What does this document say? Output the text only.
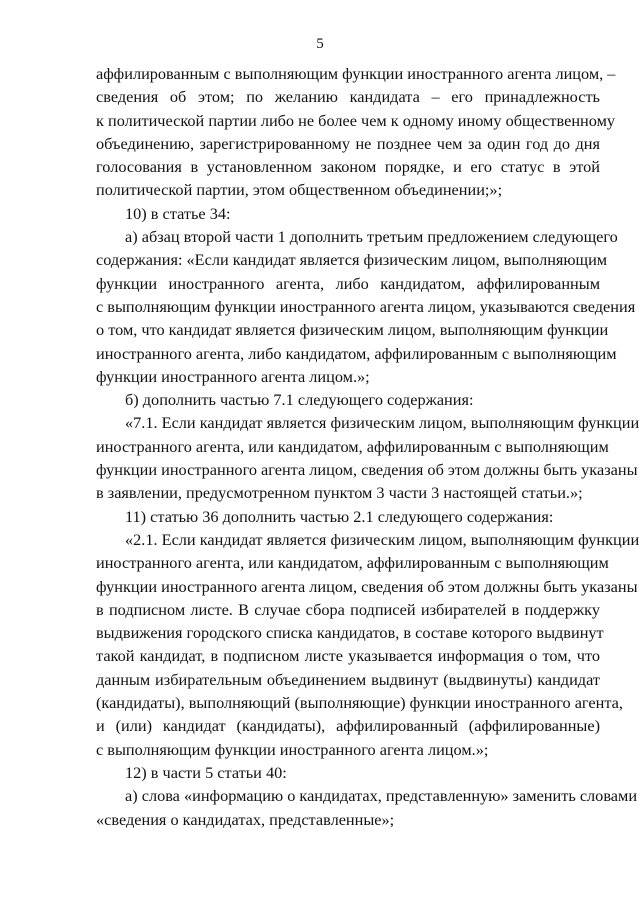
5
аффилированным с выполняющим функции иностранного агента лицом, –
сведения об этом; по желанию кандидата – его принадлежность
к политической партии либо не более чем к одному иному общественному
объединению, зарегистрированному не позднее чем за один год до дня
голосования в установленном законом порядке, и его статус в этой
политической партии, этом общественном объединении;»;
10) в статье 34:
а) абзац второй части 1 дополнить третьим предложением следующего
содержания: «Если кандидат является физическим лицом, выполняющим
функции иностранного агента, либо кандидатом, аффилированным
с выполняющим функции иностранного агента лицом, указываются сведения
о том, что кандидат является физическим лицом, выполняющим функции
иностранного агента, либо кандидатом, аффилированным с выполняющим
функции иностранного агента лицом.»;
б) дополнить частью 7.1 следующего содержания:
«7.1. Если кандидат является физическим лицом, выполняющим функции
иностранного агента, или кандидатом, аффилированным с выполняющим
функции иностранного агента лицом, сведения об этом должны быть указаны
в заявлении, предусмотренном пунктом 3 части 3 настоящей статьи.»;
11) статью 36 дополнить частью 2.1 следующего содержания:
«2.1. Если кандидат является физическим лицом, выполняющим функции
иностранного агента, или кандидатом, аффилированным с выполняющим
функции иностранного агента лицом, сведения об этом должны быть указаны
в подписном листе. В случае сбора подписей избирателей в поддержку
выдвижения городского списка кандидатов, в составе которого выдвинут
такой кандидат, в подписном листе указывается информация о том, что
данным избирательным объединением выдвинут (выдвинуты) кандидат
(кандидаты), выполняющий (выполняющие) функции иностранного агента,
и (или) кандидат (кандидаты), аффилированный (аффилированные)
с выполняющим функции иностранного агента лицом.»;
12) в части 5 статьи 40:
а) слова «информацию о кандидатах, представленную» заменить словами
«сведения о кандидатах, представленные»;
